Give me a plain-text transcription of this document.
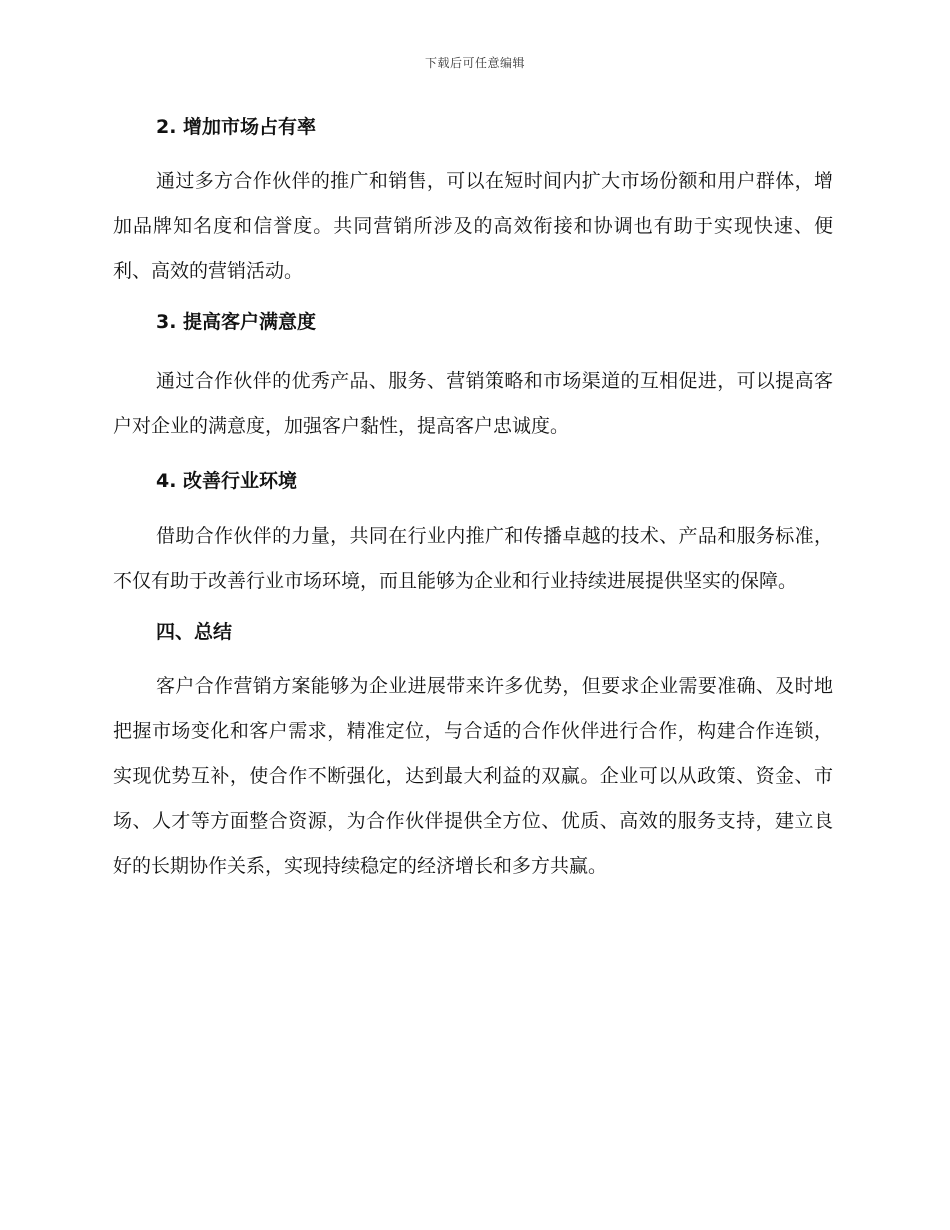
下载后可任意编辑

2. 增加市场占有率

通过多方合作伙伴的推广和销售，可以在短时间内扩大市场份额和用户群体，增加品牌知名度和信誉度。共同营销所涉及的高效衔接和协调也有助于实现快速、便利、高效的营销活动。

3. 提高客户满意度

通过合作伙伴的优秀产品、服务、营销策略和市场渠道的互相促进，可以提高客户对企业的满意度，加强客户黏性，提高客户忠诚度。

4. 改善行业环境

借助合作伙伴的力量，共同在行业内推广和传播卓越的技术、产品和服务标准，不仅有助于改善行业市场环境，而且能够为企业和行业持续进展提供坚实的保障。

四、总结

客户合作营销方案能够为企业进展带来许多优势，但要求企业需要准确、及时地把握市场变化和客户需求，精准定位，与合适的合作伙伴进行合作，构建合作连锁，实现优势互补，使合作不断强化，达到最大利益的双赢。企业可以从政策、资金、市场、人才等方面整合资源，为合作伙伴提供全方位、优质、高效的服务支持，建立良好的长期协作关系，实现持续稳定的经济增长和多方共赢。
